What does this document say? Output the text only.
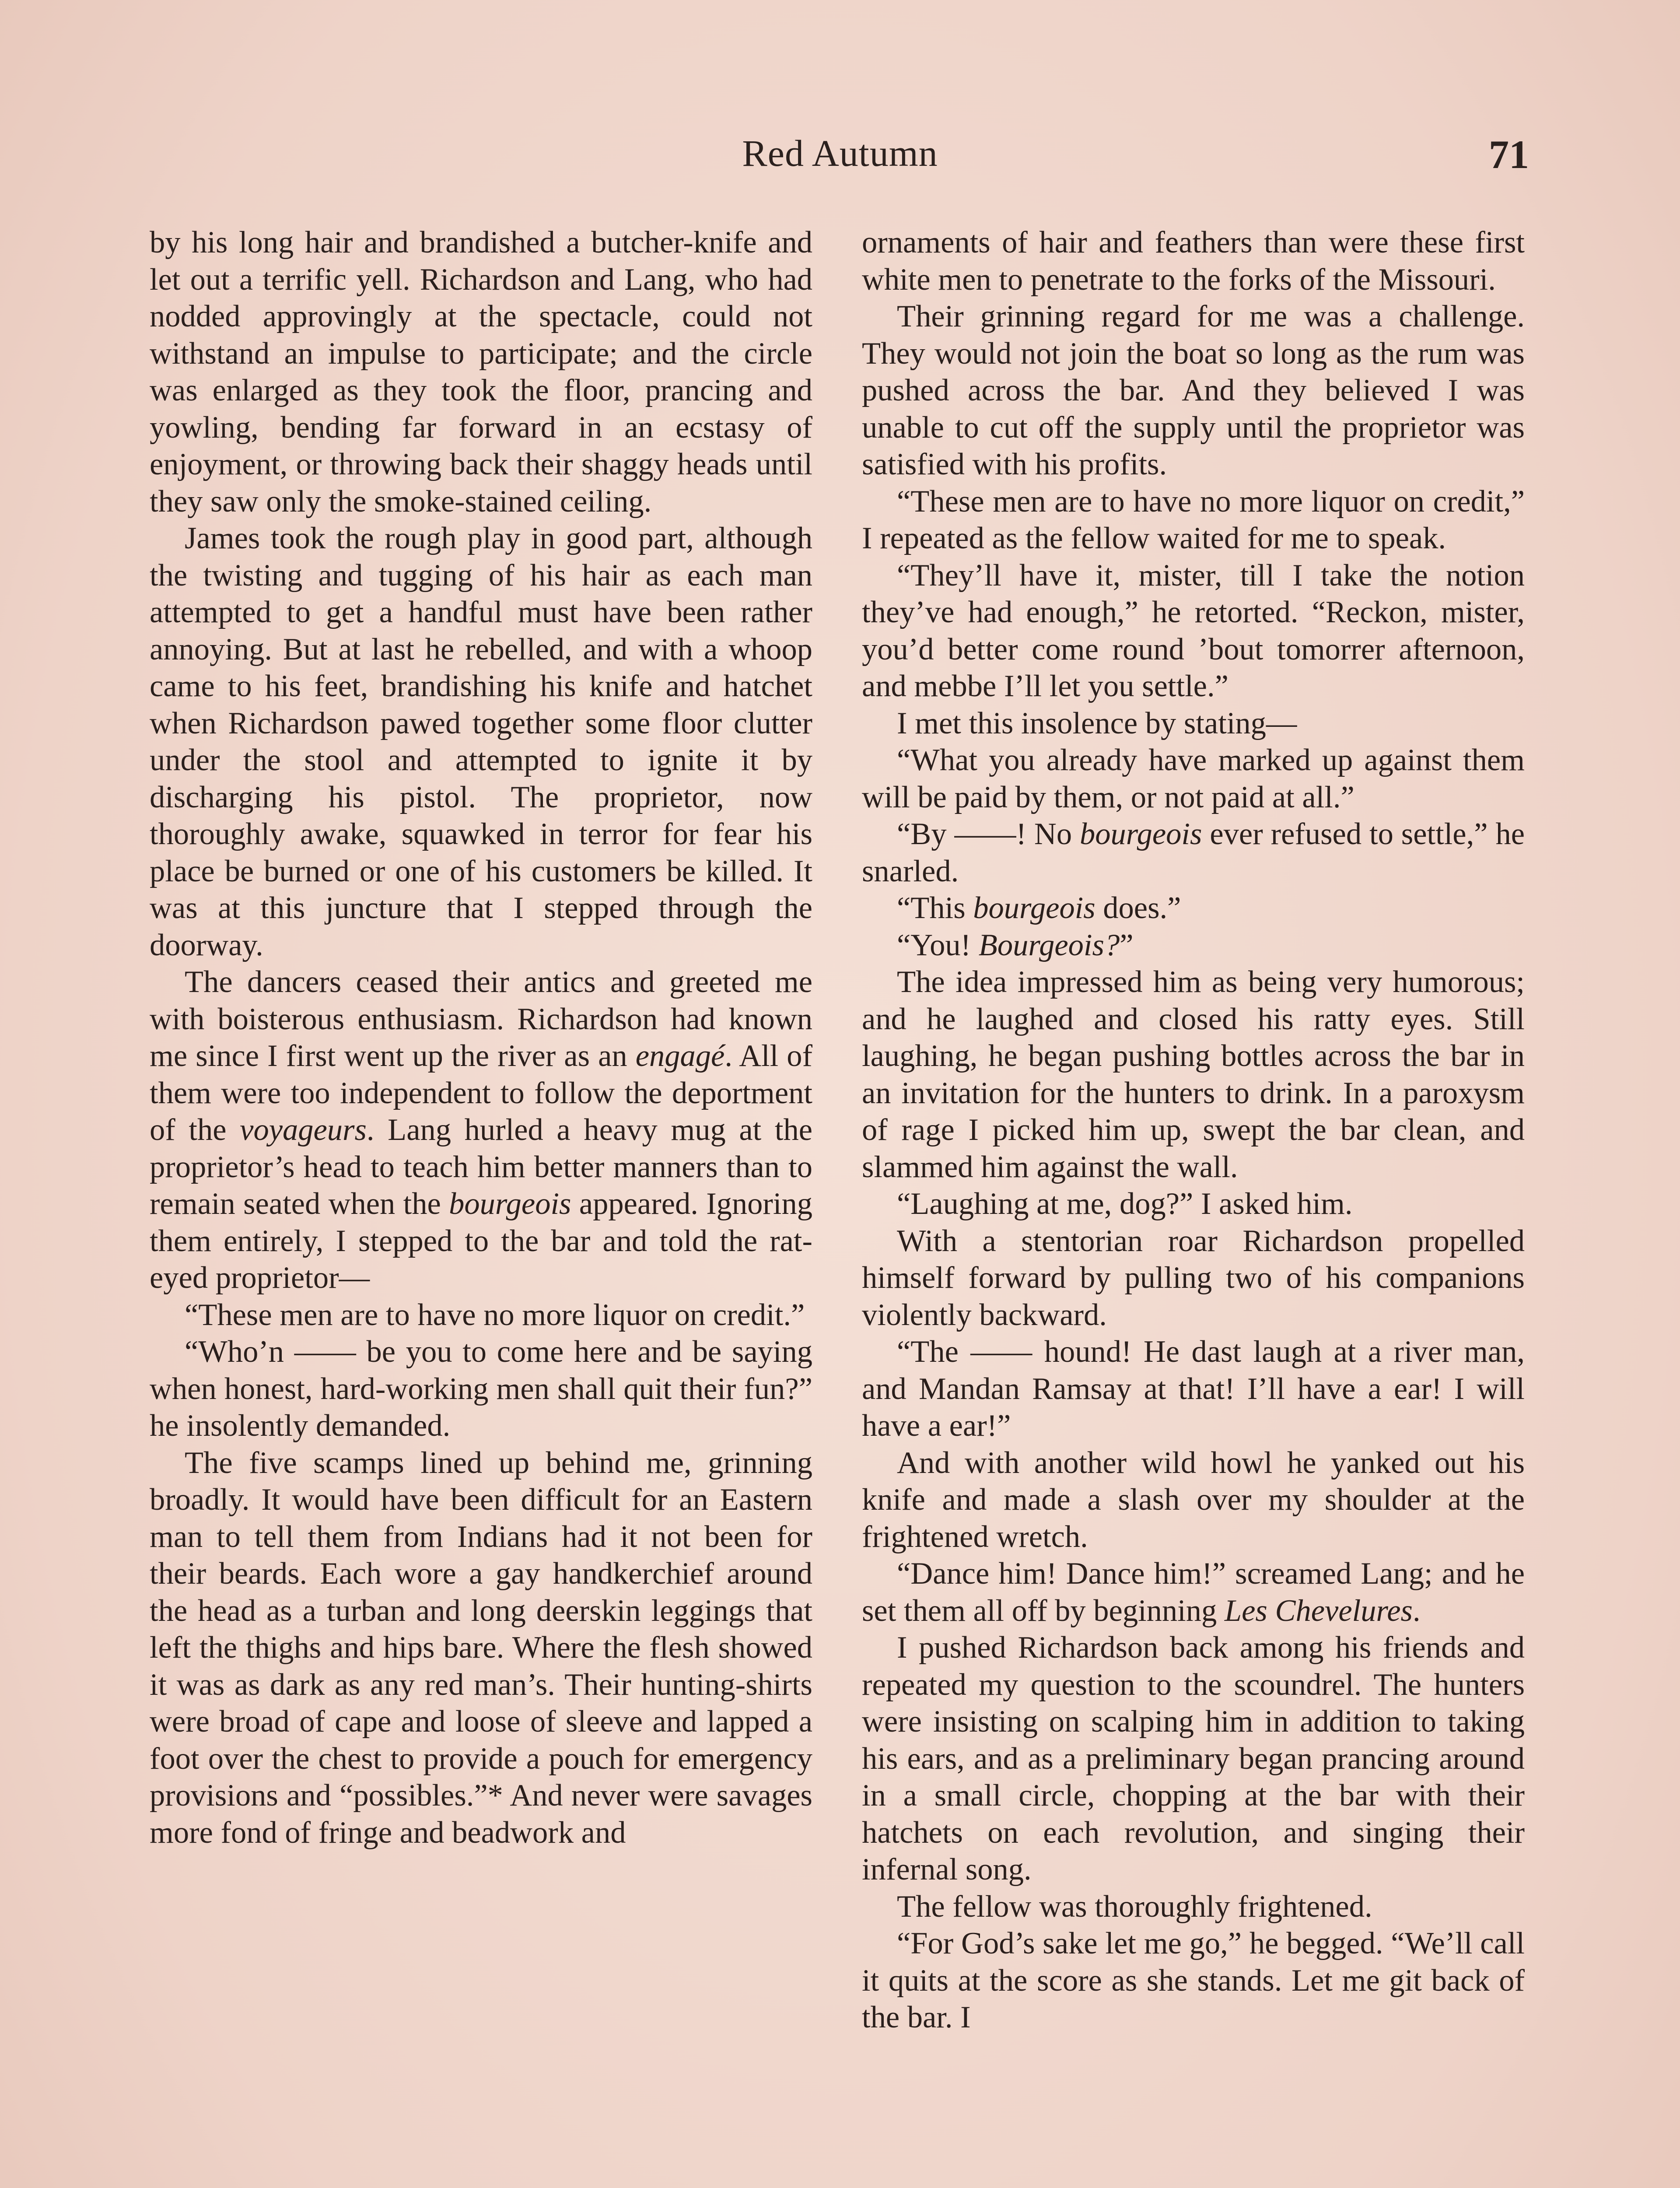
Red Autumn	71

by his long hair and brandished a butcher-knife and let out a terrific yell. Richardson and Lang, who had nodded approvingly at the spectacle, could not withstand an impulse to participate; and the circle was enlarged as they took the floor, prancing and yowling, bending far forward in an ecstasy of enjoyment, or throwing back their shaggy heads until they saw only the smoke-stained ceiling.

James took the rough play in good part, although the twisting and tugging of his hair as each man attempted to get a handful must have been rather annoying. But at last he rebelled, and with a whoop came to his feet, brandishing his knife and hatchet when Richardson pawed together some floor clutter under the stool and attempted to ignite it by discharging his pistol. The proprietor, now thoroughly awake, squawked in terror for fear his place be burned or one of his customers be killed. It was at this juncture that I stepped through the doorway.

The dancers ceased their antics and greeted me with boisterous enthusiasm. Richardson had known me since I first went up the river as an engagé. All of them were too independent to follow the deportment of the voyageurs. Lang hurled a heavy mug at the proprietor’s head to teach him better manners than to remain seated when the bourgeois appeared. Ignoring them entirely, I stepped to the bar and told the rat-eyed proprietor—

“These men are to have no more liquor on credit.”

“Who’n —— be you to come here and be saying when honest, hard-working men shall quit their fun?” he insolently demanded.

The five scamps lined up behind me, grinning broadly. It would have been difficult for an Eastern man to tell them from Indians had it not been for their beards. Each wore a gay handkerchief around the head as a turban and long deerskin leggings that left the thighs and hips bare. Where the flesh showed it was as dark as any red man’s. Their hunting-shirts were broad of cape and loose of sleeve and lapped a foot over the chest to provide a pouch for emergency provisions and “possibles.”* And never were savages more fond of fringe and beadwork and

ornaments of hair and feathers than were these first white men to penetrate to the forks of the Missouri.

Their grinning regard for me was a challenge. They would not join the boat so long as the rum was pushed across the bar. And they believed I was unable to cut off the supply until the proprietor was satisfied with his profits.

“These men are to have no more liquor on credit,” I repeated as the fellow waited for me to speak.

“They’ll have it, mister, till I take the notion they’ve had enough,” he retorted. “Reckon, mister, you’d better come round ’bout tomorrer afternoon, and mebbe I’ll let you settle.”

I met this insolence by stating—

“What you already have marked up against them will be paid by them, or not paid at all.”

“By ——! No bourgeois ever refused to settle,” he snarled.

“This bourgeois does.”

“You! Bourgeois?”

The idea impressed him as being very humorous; and he laughed and closed his ratty eyes. Still laughing, he began pushing bottles across the bar in an invitation for the hunters to drink. In a paroxysm of rage I picked him up, swept the bar clean, and slammed him against the wall.

“Laughing at me, dog?” I asked him.

With a stentorian roar Richardson propelled himself forward by pulling two of his companions violently backward.

“The —— hound! He dast laugh at a river man, and Mandan Ramsay at that! I’ll have a ear! I will have a ear!”

And with another wild howl he yanked out his knife and made a slash over my shoulder at the frightened wretch.

“Dance him! Dance him!” screamed Lang; and he set them all off by beginning Les Chevelures.

I pushed Richardson back among his friends and repeated my question to the scoundrel. The hunters were insisting on scalping him in addition to taking his ears, and as a preliminary began prancing around in a small circle, chopping at the bar with their hatchets on each revolution, and singing their infernal song.

The fellow was thoroughly frightened.

“For God’s sake let me go,” he begged. “We’ll call it quits at the score as she stands. Let me git back of the bar. I
